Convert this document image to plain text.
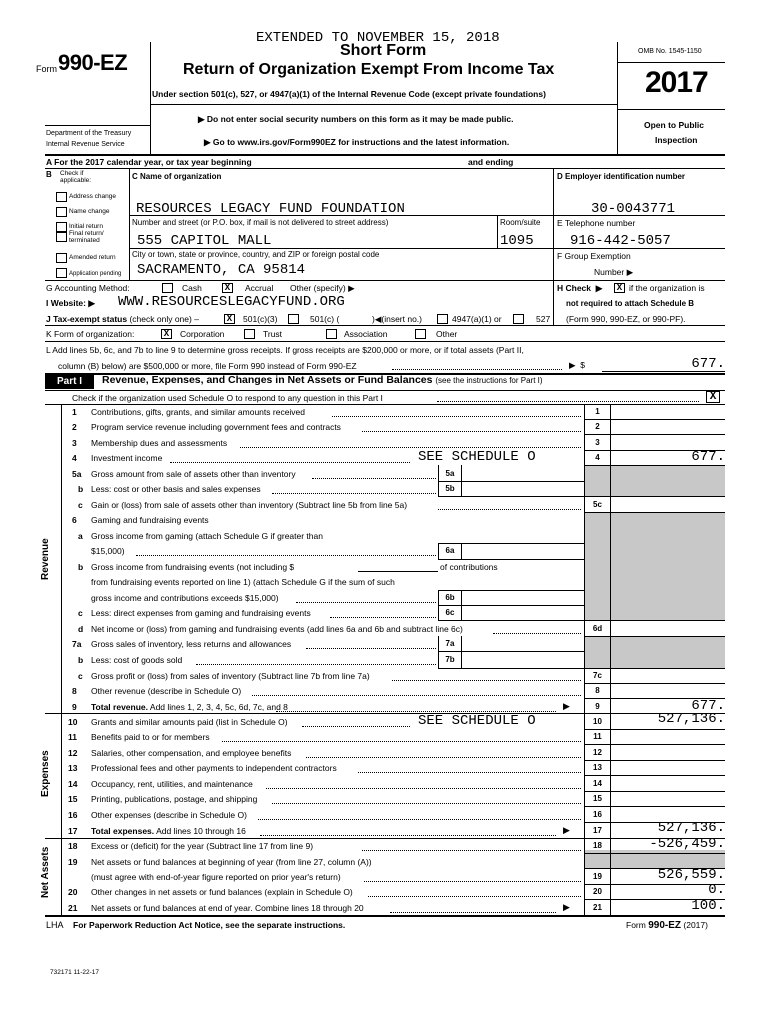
EXTENDED TO NOVEMBER 15, 2018
Form 990-EZ	Short Form
Return of Organization Exempt From Income Tax
Under section 501(c), 527, or 4947(a)(1) of the Internal Revenue Code (except private foundations)
▶ Do not enter social security numbers on this form as it may be made public.
▶ Go to www.irs.gov/Form990EZ for instructions and the latest information.
Department of the Treasury
Internal Revenue Service
OMB No. 1545-1150
2017
Open to Public
Inspection
A For the 2017 calendar year, or tax year beginning	and ending
B Check if applicable:
Address change
Name change
Initial return
Final return/ terminated
Amended return
Application pending
C Name of organization
RESOURCES LEGACY FUND FOUNDATION
Number and street (or P.O. box, if mail is not delivered to street address)	Room/suite
555 CAPITOL MALL	1095
City or town, state or province, country, and ZIP or foreign postal code
SACRAMENTO, CA 95814
D Employer identification number
30-0043771
E Telephone number
916-442-5057
F Group Exemption
Number ▶
G Accounting Method:	Cash	X	Accrual Other (specify) ▶	H Check  ▶	X if the organization is
not required to attach Schedule B
(Form 990, 990-EZ, or 990-PF).
I Website: ▶ WWW.RESOURCESLEGACYFUND.ORG
J Tax-exempt status (check only one) –	X	501(c)(3)	501(c) (	)◀(insert no.)	4947(a)(1) or	527
K Form of organization:	X	Corporation	Trust	Association	Other
L Add lines 5b, 6c, and 7b to line 9 to determine gross receipts. If gross receipts are $200,000 or more, or if total assets (Part II,
column (B) below) are $500,000 or more, file Form 990 instead of Form 990-EZ	▶  $	677.
Part I	Revenue, Expenses, and Changes in Net Assets or Fund Balances (see the instructions for Part I)
Check if the organization used Schedule O to respond to any question in this Part I	X
Revenue
Expenses
Net Assets
1 Contributions, gifts, grants, and similar amounts received	1
2 Program service revenue including government fees and contracts	2
3 Membership dues and assessments	3
4 Investment income	SEE SCHEDULE O	4	677.
5a Gross amount from sale of assets other than inventory	5a
b Less: cost or other basis and sales expenses	5b
c Gain or (loss) from sale of assets other than inventory (Subtract line 5b from line 5a)	5c
6 Gaming and fundraising events
a Gross income from gaming (attach Schedule G if greater than
$15,000)	6a
b Gross income from fundraising events (not including $	of contributions
from fundraising events reported on line 1) (attach Schedule G if the sum of such
gross income and contributions exceeds $15,000)	6b
c Less: direct expenses from gaming and fundraising events	6c
d Net income or (loss) from gaming and fundraising events (add lines 6a and 6b and subtract line 6c)	6d
7a Gross sales of inventory, less returns and allowances	7a
b Less: cost of goods sold	7b
c Gross profit or (loss) from sales of inventory (Subtract line 7b from line 7a)	7c
8 Other revenue (describe in Schedule O)	8
9 Total revenue. Add lines 1, 2, 3, 4, 5c, 6d, 7c, and 8	▶	9	677.
10 Grants and similar amounts paid (list in Schedule O)	SEE SCHEDULE O	10	527,136.
11 Benefits paid to or for members	11
12 Salaries, other compensation, and employee benefits	12
13 Professional fees and other payments to independent contractors	13
14 Occupancy, rent, utilities, and maintenance	14
15 Printing, publications, postage, and shipping	15
16 Other expenses (describe in Schedule O)	16
17 Total expenses. Add lines 10 through 16	▶	17	527,136.
18 Excess or (deficit) for the year (Subtract line 17 from line 9)	18	-526,459.
19 Net assets or fund balances at beginning of year (from line 27, column (A))
(must agree with end-of-year figure reported on prior year's return)	19	526,559.
20 Other changes in net assets or fund balances (explain in Schedule O)	20	0.
21 Net assets or fund balances at end of year. Combine lines 18 through 20	▶	21	100.
LHA For Paperwork Reduction Act Notice, see the separate instructions.	Form 990-EZ (2017)
732171 11-22-17
